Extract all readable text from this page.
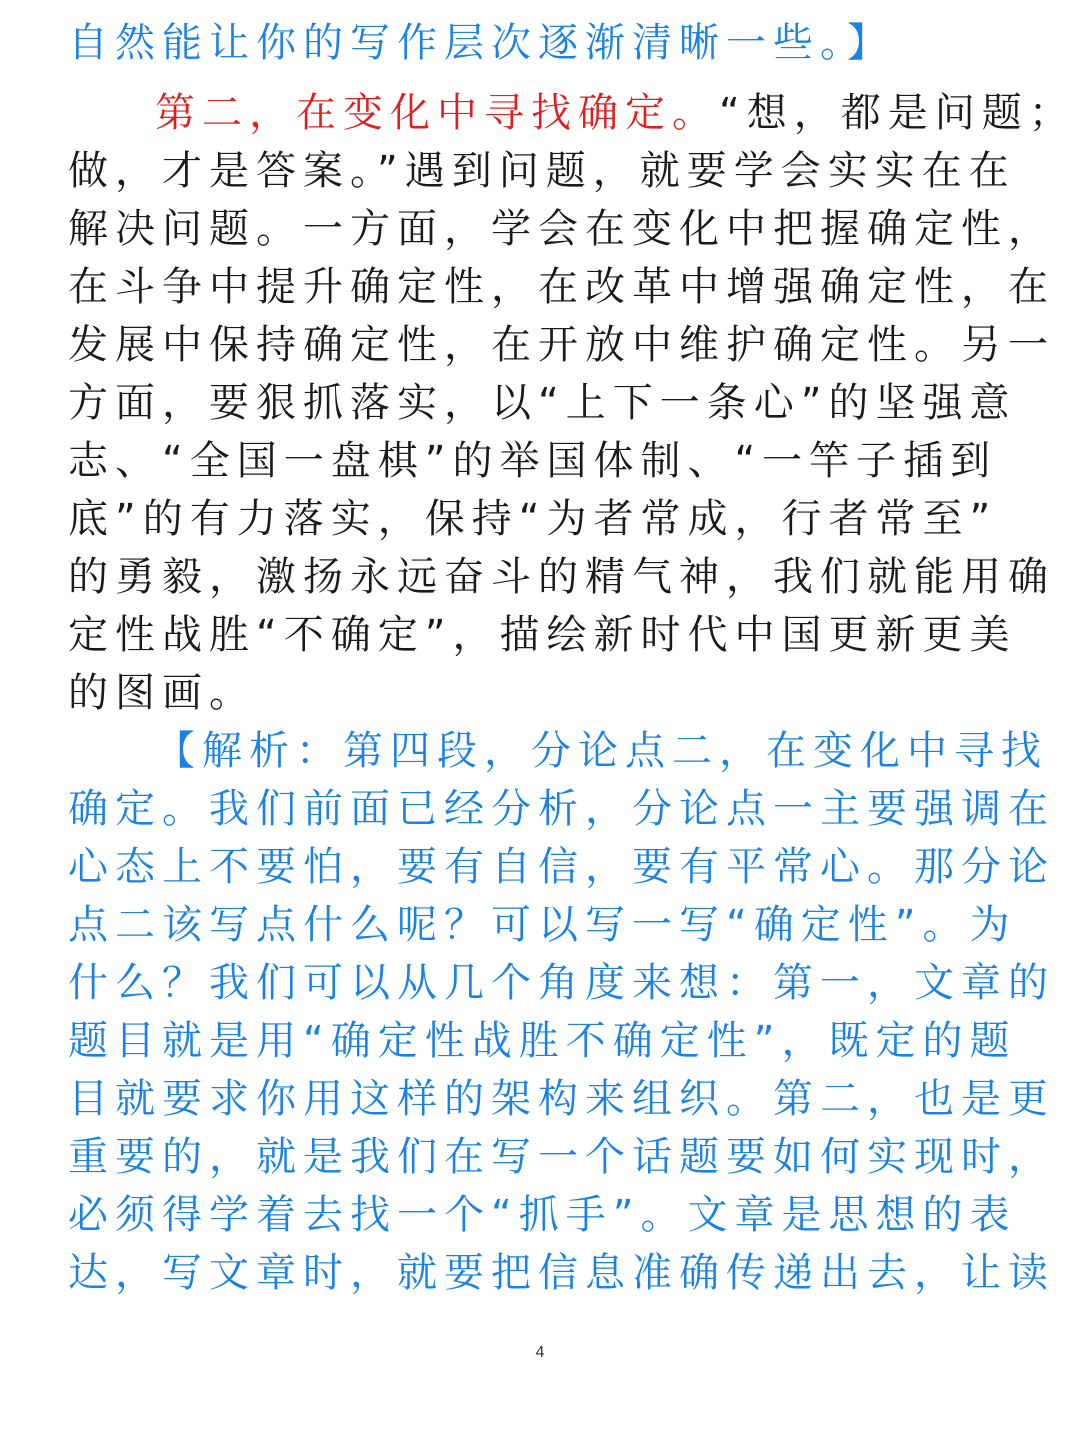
自然能让你的写作层次逐渐清晰一些。】
第二，在变化中寻找确定。“想，都是问题；
做，才是答案。”遇到问题，就要学会实实在在
解决问题。一方面，学会在变化中把握确定性，
在斗争中提升确定性，在改革中增强确定性，在
发展中保持确定性，在开放中维护确定性。另一
方面，要狠抓落实，以“上下一条心”的坚强意
志、“全国一盘棋”的举国体制、“一竿子插到
底”的有力落实，保持“为者常成，行者常至”
的勇毅，激扬永远奋斗的精气神，我们就能用确
定性战胜“不确定”，描绘新时代中国更新更美
的图画。
【解析：第四段，分论点二，在变化中寻找
确定。我们前面已经分析，分论点一主要强调在
心态上不要怕，要有自信，要有平常心。那分论
点二该写点什么呢？可以写一写“确定性”。为
什么？我们可以从几个角度来想：第一，文章的
题目就是用“确定性战胜不确定性”，既定的题
目就要求你用这样的架构来组织。第二，也是更
重要的，就是我们在写一个话题要如何实现时，
必须得学着去找一个“抓手”。文章是思想的表
达，写文章时，就要把信息准确传递出去，让读
4
